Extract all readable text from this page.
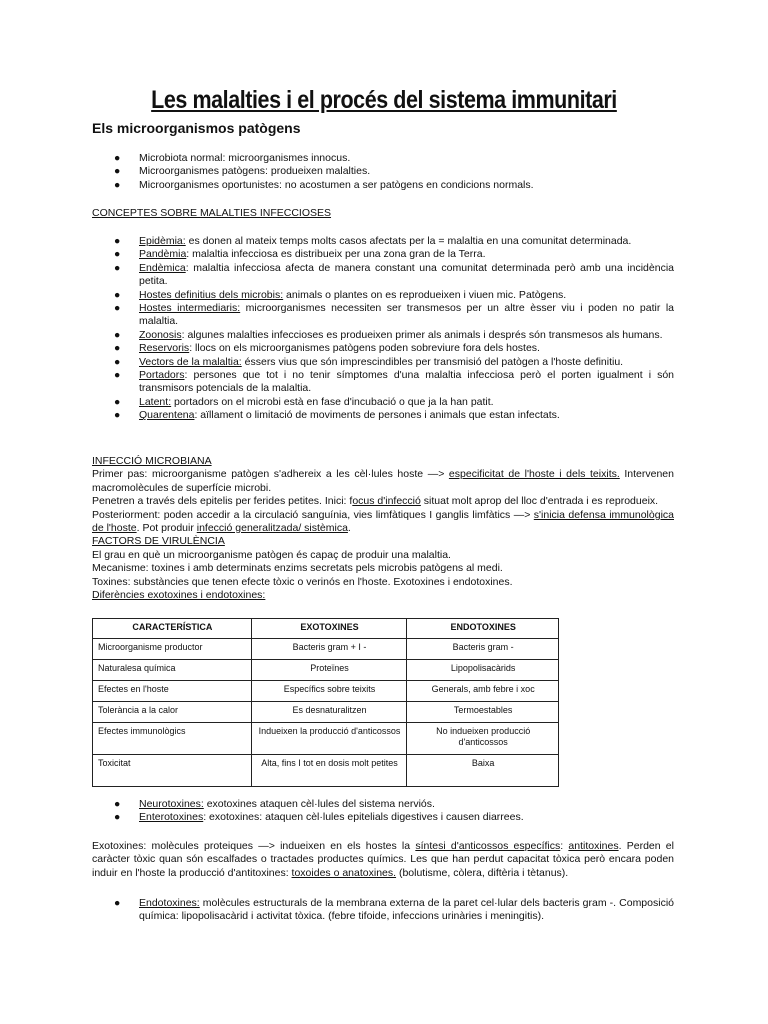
Les malalties i el procés del sistema immunitari
Els microorganismos patògens
● Microbiota normal: microorganismes innocus.
● Microorganismes patògens: produeixen malalties.
● Microorganismes oportunistes: no acostumen a ser patògens en condicions normals.
CONCEPTES SOBRE MALALTIES INFECCIOSES
● Epidèmia: es donen al mateix temps molts casos afectats per la = malaltia en una comunitat determinada.
● Pandèmia: malaltia infecciosa es distribueix per una zona gran de la Terra.
● Endèmica: malaltia infecciosa afecta de manera constant una comunitat determinada però amb una incidència petita.
● Hostes definitius dels microbis: animals o plantes on es reprodueixen i viuen mic. Patògens.
● Hostes intermediaris: microorganismes necessiten ser transmesos per un altre èsser viu i poden no patir la malaltia.
● Zoonosis: algunes malalties infeccioses es produeixen primer als animals i després són transmesos als humans.
● Reservoris: llocs on els microorganismes patògens poden sobreviure fora dels hostes.
● Vectors de la malaltia: éssers vius que són imprescindibles per transmisió del patògen a l'hoste definitiu.
● Portadors: persones que tot i no tenir símptomes d'una malaltia infecciosa però el porten igualment i són transmisors potencials de la malaltia.
● Latent: portadors on el microbi està en fase d'incubació o que ja la han patit.
● Quarentena: aïllament o limitació de moviments de persones i animals que estan infectats.
INFECCIÓ MICROBIANA
Primer pas: microorganisme patògen s'adhereix a les cèl·lules hoste —> especificitat de l'hoste i dels teixits. Intervenen macromolècules de superfície microbi.
Penetren a través dels epitelis per ferides petites. Inici: focus d'infecció situat molt aprop del lloc d'entrada i es reprodueix.
Posteriorment: poden accedir a la circulació sanguínia, vies limfàtiques I ganglis limfàtics —> s'inicia defensa immunològica de l'hoste. Pot produir infecció generalitzada/ sistèmica.
FACTORS DE VIRULÈNCIA
El grau en què un microorganisme patògen és capaç de produir una malaltia.
Mecanisme: toxines i amb determinats enzims secretats pels microbis patògens al medi.
Toxines: substàncies que tenen efecte tòxic o verinós en l'hoste. Exotoxines i endotoxines.
Diferències exotoxines i endotoxines:
CARACTERÍSTICA	EXOTOXINES	ENDOTOXINES
Microorganisme productor	Bacteris gram + I -	Bacteris gram -
Naturalesa química	Proteïnes	Lipopolisacàrids
Efectes en l'hoste	Específics sobre teixits	Generals, amb febre i xoc
Tolerància a la calor	Es desnaturalitzen	Termoestables
Efectes immunològics	Indueixen la producció d'anticossos	No indueixen producció d'anticossos
Toxicitat	Alta, fins I tot en dosis molt petites	Baixa
● Neurotoxines: exotoxines ataquen cèl·lules del sistema nerviós.
● Enterotoxines: exotoxines: ataquen cèl·lules epitelials digestives i causen diarrees.
Exotoxines: molècules proteiques —> indueixen en els hostes la síntesi d'anticossos específics: antitoxines. Perden el caràcter tòxic quan són escalfades o tractades productes químics. Les que han perdut capacitat tòxica però encara poden induir en l'hoste la producció d'antitoxines: toxoides o anatoxines. (bolutisme, còlera, diftèria i tètanus).
● Endotoxines: molècules estructurals de la membrana externa de la paret cel·lular dels bacteris gram -. Composició química: lipopolisacàrid i activitat tòxica. (febre tifoide, infeccions urinàries i meningitis).
